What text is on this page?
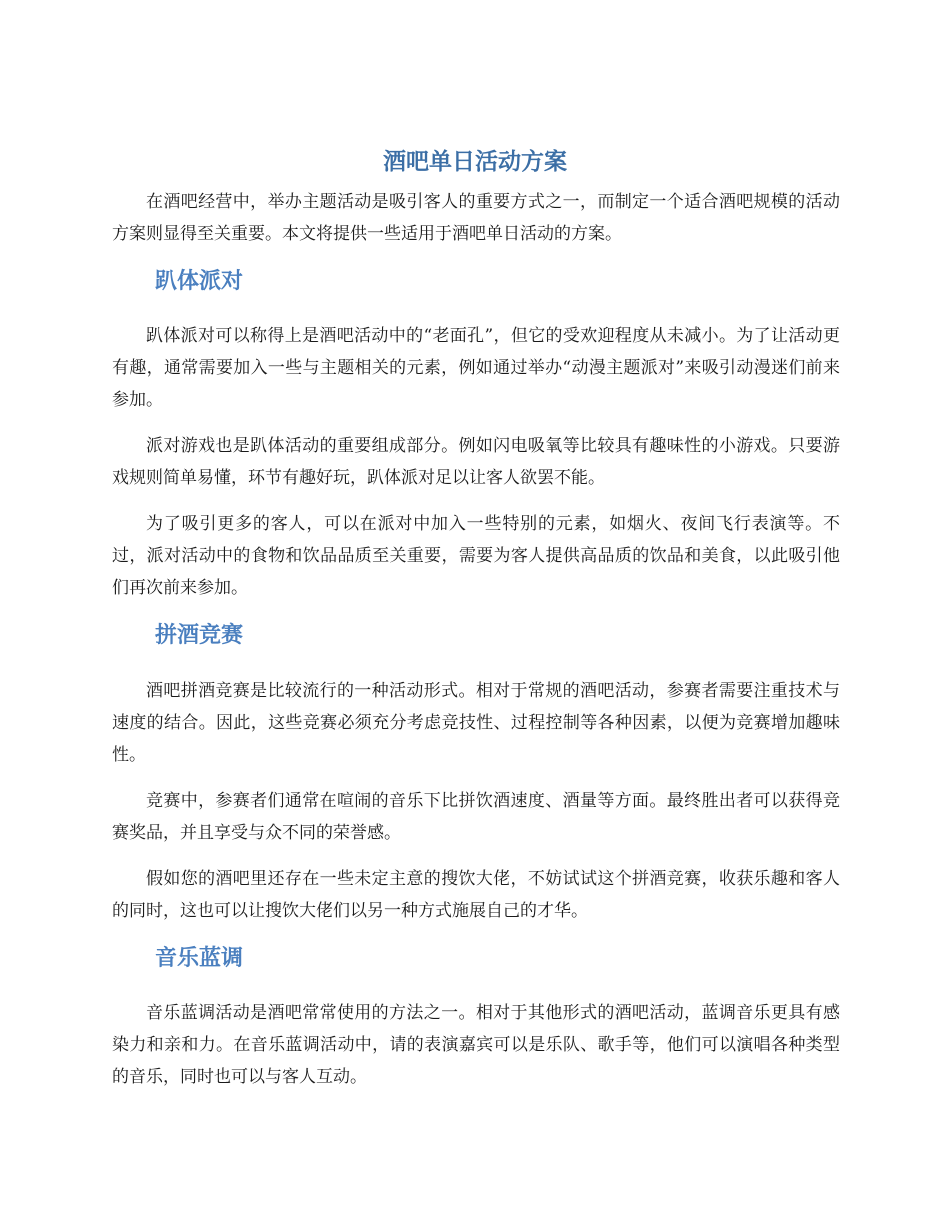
酒吧单日活动方案

在酒吧经营中，举办主题活动是吸引客人的重要方式之一，而制定一个适合酒吧规模的活动方案则显得至关重要。本文将提供一些适用于酒吧单日活动的方案。

趴体派对

趴体派对可以称得上是酒吧活动中的“老面孔”，但它的受欢迎程度从未减小。为了让活动更有趣，通常需要加入一些与主题相关的元素，例如通过举办“动漫主题派对”来吸引动漫迷们前来参加。

派对游戏也是趴体活动的重要组成部分。例如闪电吸氧等比较具有趣味性的小游戏。只要游戏规则简单易懂，环节有趣好玩，趴体派对足以让客人欲罢不能。

为了吸引更多的客人，可以在派对中加入一些特别的元素，如烟火、夜间飞行表演等。不过，派对活动中的食物和饮品品质至关重要，需要为客人提供高品质的饮品和美食，以此吸引他们再次前来参加。

拼酒竞赛

酒吧拼酒竞赛是比较流行的一种活动形式。相对于常规的酒吧活动，参赛者需要注重技术与速度的结合。因此，这些竞赛必须充分考虑竞技性、过程控制等各种因素，以便为竞赛增加趣味性。

竞赛中，参赛者们通常在喧闹的音乐下比拼饮酒速度、酒量等方面。最终胜出者可以获得竞赛奖品，并且享受与众不同的荣誉感。

假如您的酒吧里还存在一些未定主意的搜饮大佬，不妨试试这个拼酒竞赛，收获乐趣和客人的同时，这也可以让搜饮大佬们以另一种方式施展自己的才华。

音乐蓝调

音乐蓝调活动是酒吧常常使用的方法之一。相对于其他形式的酒吧活动，蓝调音乐更具有感染力和亲和力。在音乐蓝调活动中，请的表演嘉宾可以是乐队、歌手等，他们可以演唱各种类型的音乐，同时也可以与客人互动。
